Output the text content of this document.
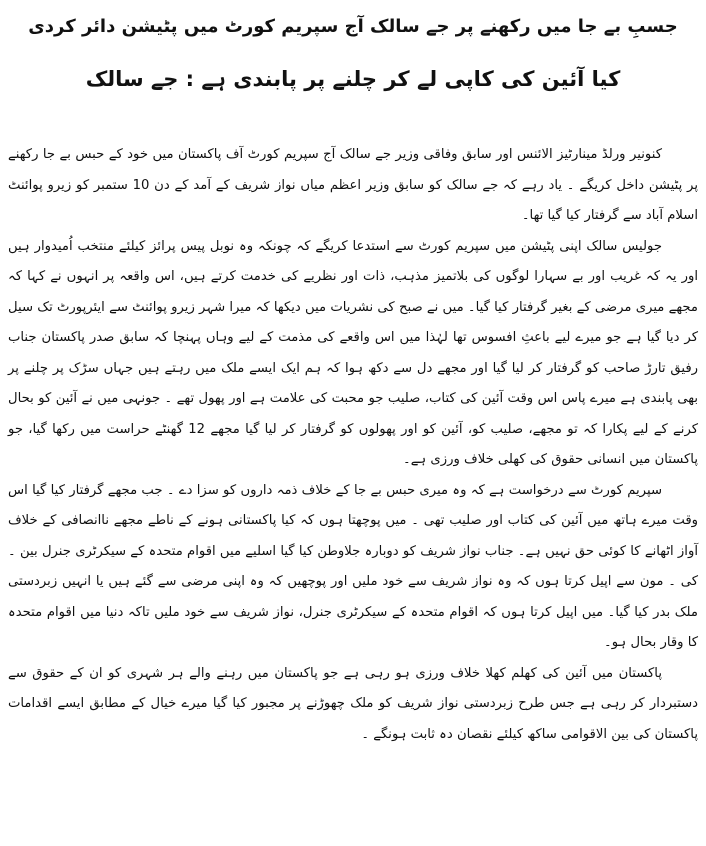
جسبِ بے جا میں رکھنے پر جے سالک آج سپریم کورٹ میں پٹیشن دائر کردی
کیا آئین کی کاپی لے کر چلنے پر پابندی ہے : جے سالک

کنونیر ورلڈ مینارٹیز الائنس اور سابق وفاقی وزیر جے سالک آج سپریم کورٹ آف پاکستان میں خود کے حبس بے جا رکھنے پر پٹیشن داخل کریگے ۔ یاد رہے کہ جے سالک کو سابق وزیر اعظم میاں نواز شریف کے آمد کے دن 10 ستمبر کو زیرو پوائنٹ اسلام آباد سے گرفتار کیا گیا تھا۔

جولیس سالک اپنی پٹیشن میں سپریم کورٹ سے استدعا کریگے کہ چونکہ وہ نوبل پیس پرائز کیلئے منتخب اُمیدوار ہیں اور یہ کہ غریب اور بے سہارا لوگوں کی بلاتمیز مذہب، ذات اور نظریے کی خدمت کرتے ہیں، اس واقعہ پر انہوں نے کہا کہ مجھے میری مرضی کے بغیر گرفتار کیا گیا۔ میں نے صبح کی نشریات میں دیکھا کہ میرا شہر زیرو پوائنٹ سے ایئرپورٹ تک سیل کر دیا گیا ہے جو میرے لیے باعثِ افسوس تھا لہٰذا میں اس واقعے کی مذمت کے لیے وہاں پہنچا کہ سابق صدر پاکستان جناب رفیق تارڑ صاحب کو گرفتار کر لیا گیا اور مجھے دل سے دکھ ہوا کہ ہم ایک ایسے ملک میں رہتے ہیں جہاں سڑک پر چلنے پر بھی پابندی ہے میرے پاس اس وقت آئین کی کتاب، صلیب جو محبت کی علامت ہے اور پھول تھے ۔ جونہی میں نے آئین کو بحال کرنے کے لیے پکارا کہ تو مجھے، صلیب کو، آئین کو اور پھولوں کو گرفتار کر لیا گیا مجھے 12 گھنٹے حراست میں رکھا گیا، جو پاکستان میں انسانی حقوق کی کھلی خلاف ورزی ہے۔

سپریم کورٹ سے درخواست ہے کہ وہ میری حبس بے جا کے خلاف ذمہ داروں کو سزا دے ۔ جب مجھے گرفتار کیا گیا اس وقت میرے ہاتھ میں آئین کی کتاب اور صلیب تھی ۔ میں پوچھتا ہوں کہ کیا پاکستانی ہونے کے ناطے مجھے ناانصافی کے خلاف آواز اٹھانے کا کوئی حق نہیں ہے۔ جناب نواز شریف کو دوبارہ جلاوطن کیا گیا اسلیے میں اقوام متحدہ کے سیکرٹری جنرل بین ۔ کی ۔ مون سے اپیل کرتا ہوں کہ وہ نواز شریف سے خود ملیں اور پوچھیں کہ وہ اپنی مرضی سے گئے ہیں یا انہیں زبردستی ملک بدر کیا گیا۔ میں اپیل کرتا ہوں کہ اقوام متحدہ کے سیکرٹری جنرل، نواز شریف سے خود ملیں تاکہ دنیا میں اقوام متحدہ کا وقار بحال ہو۔

پاکستان میں آئین کی کھلم کھلا خلاف ورزی ہو رہی ہے جو پاکستان میں رہنے والے ہر شہری کو ان کے حقوق سے دستبردار کر رہی ہے جس طرح زبردستی نواز شریف کو ملک چھوڑنے پر مجبور کیا گیا میرے خیال کے مطابق ایسے اقدامات پاکستان کی بین الاقوامی ساکھ کیلئے نقصان دہ ثابت ہونگے ۔
